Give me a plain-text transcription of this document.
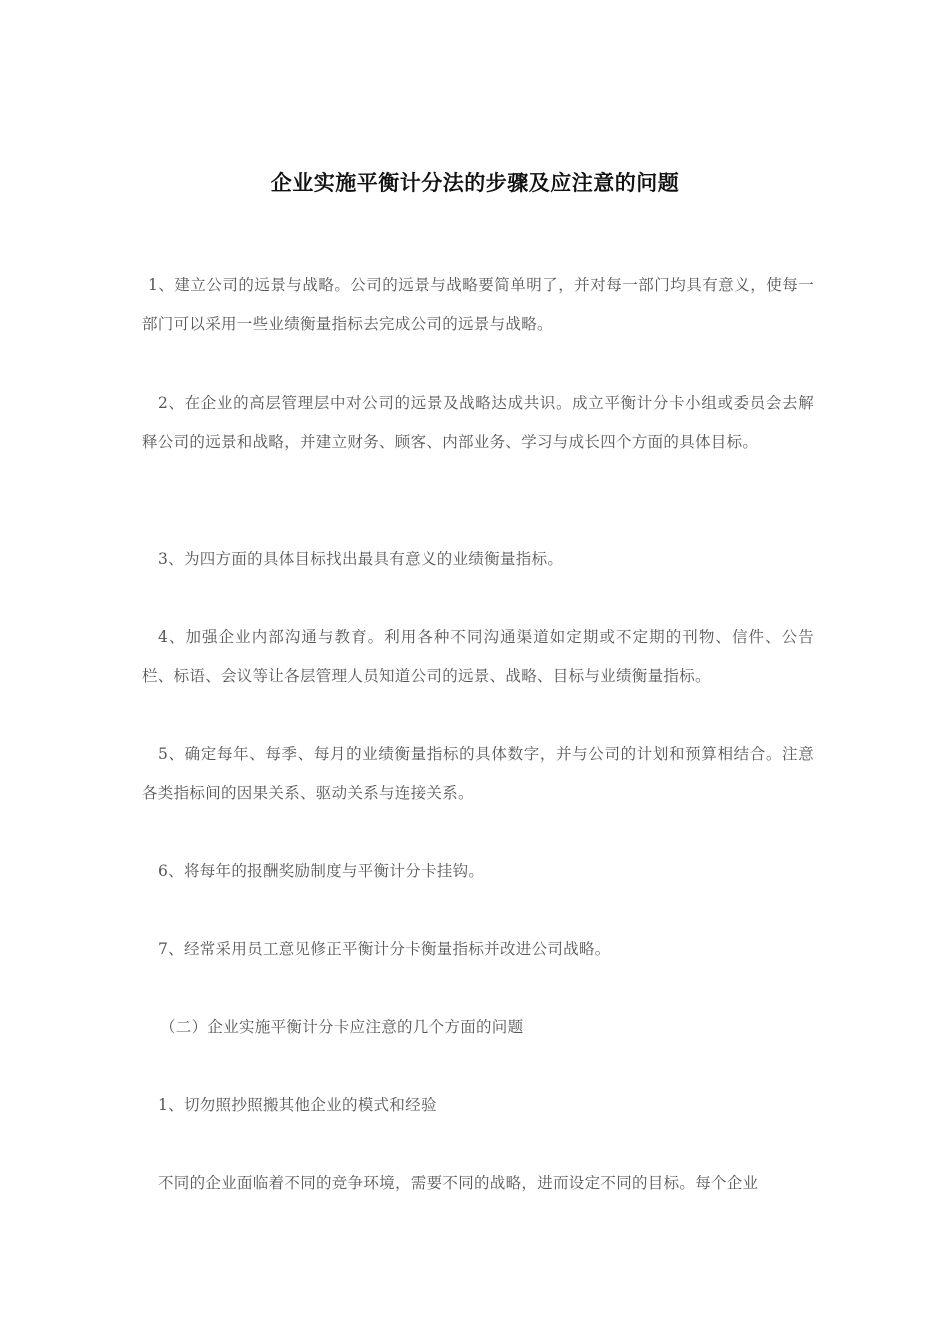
企业实施平衡计分法的步骤及应注意的问题
1、建立公司的远景与战略。公司的远景与战略要简单明了，并对每一部门均具有意义，使每一部门可以采用一些业绩衡量指标去完成公司的远景与战略。
2、在企业的高层管理层中对公司的远景及战略达成共识。成立平衡计分卡小组或委员会去解释公司的远景和战略，并建立财务、顾客、内部业务、学习与成长四个方面的具体目标。
3、为四方面的具体目标找出最具有意义的业绩衡量指标。
4、加强企业内部沟通与教育。利用各种不同沟通渠道如定期或不定期的刊物、信件、公告栏、标语、会议等让各层管理人员知道公司的远景、战略、目标与业绩衡量指标。
5、确定每年、每季、每月的业绩衡量指标的具体数字，并与公司的计划和预算相结合。注意各类指标间的因果关系、驱动关系与连接关系。
6、将每年的报酬奖励制度与平衡计分卡挂钩。
7、经常采用员工意见修正平衡计分卡衡量指标并改进公司战略。
（二）企业实施平衡计分卡应注意的几个方面的问题
1、切勿照抄照搬其他企业的模式和经验
不同的企业面临着不同的竞争环境，需要不同的战略，进而设定不同的目标。每个企业
